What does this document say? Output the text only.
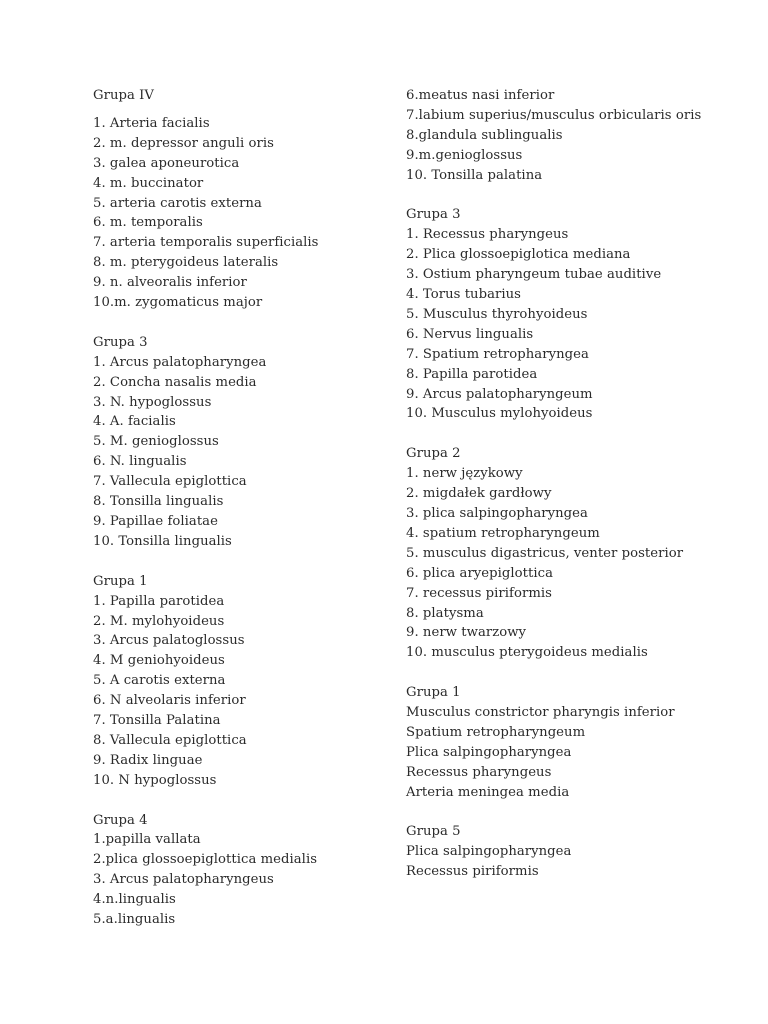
Grupa IV
1. Arteria facialis
2. m. depressor anguli oris
3. galea aponeurotica
4. m. buccinator
5. arteria carotis externa
6. m. temporalis
7. arteria temporalis superficialis
8. m. pterygoideus lateralis
9. n. alveoralis inferior
10.m. zygomaticus major
Grupa 3
1. Arcus palatopharyngea
2. Concha nasalis media
3. N. hypoglossus
4. A. facialis
5. M. genioglossus
6. N. lingualis
7. Vallecula epiglottica
8. Tonsilla lingualis
9. Papillae foliatae
10. Tonsilla lingualis
Grupa 1
1. Papilla parotidea
2. M. mylohyoideus
3. Arcus palatoglossus
4. M geniohyoideus
5. A carotis externa
6. N alveolaris inferior
7. Tonsilla Palatina
8. Vallecula epiglottica
9. Radix linguae
10. N hypoglossus
Grupa 4
1.papilla vallata
2.plica glossoepiglottica medialis
3. Arcus palatopharyngeus
4.n.lingualis
5.a.lingualis
6.meatus nasi inferior
7.labium superius/musculus orbicularis oris
8.glandula sublingualis
9.m.genioglossus
10. Tonsilla palatina
Grupa 3
1. Recessus pharyngeus
2. Plica glossoepiglotica mediana
3. Ostium pharyngeum tubae auditive
4. Torus tubarius
5. Musculus thyrohyoideus
6. Nervus lingualis
7. Spatium retropharyngea
8. Papilla parotidea
9. Arcus palatopharyngeum
10. Musculus mylohyoideus
Grupa 2
1. nerw językowy
2. migdałek gardłowy
3. plica salpingopharyngea
4. spatium retropharyngeum
5. musculus digastricus, venter posterior
6. plica aryepiglottica
7. recessus piriformis
8. platysma
9. nerw twarzowy
10. musculus pterygoideus medialis
Grupa 1
Musculus constrictor pharyngis inferior
Spatium retropharyngeum
Plica salpingopharyngea
Recessus pharyngeus
Arteria meningea media
Grupa 5
Plica salpingopharyngea
Recessus piriformis
